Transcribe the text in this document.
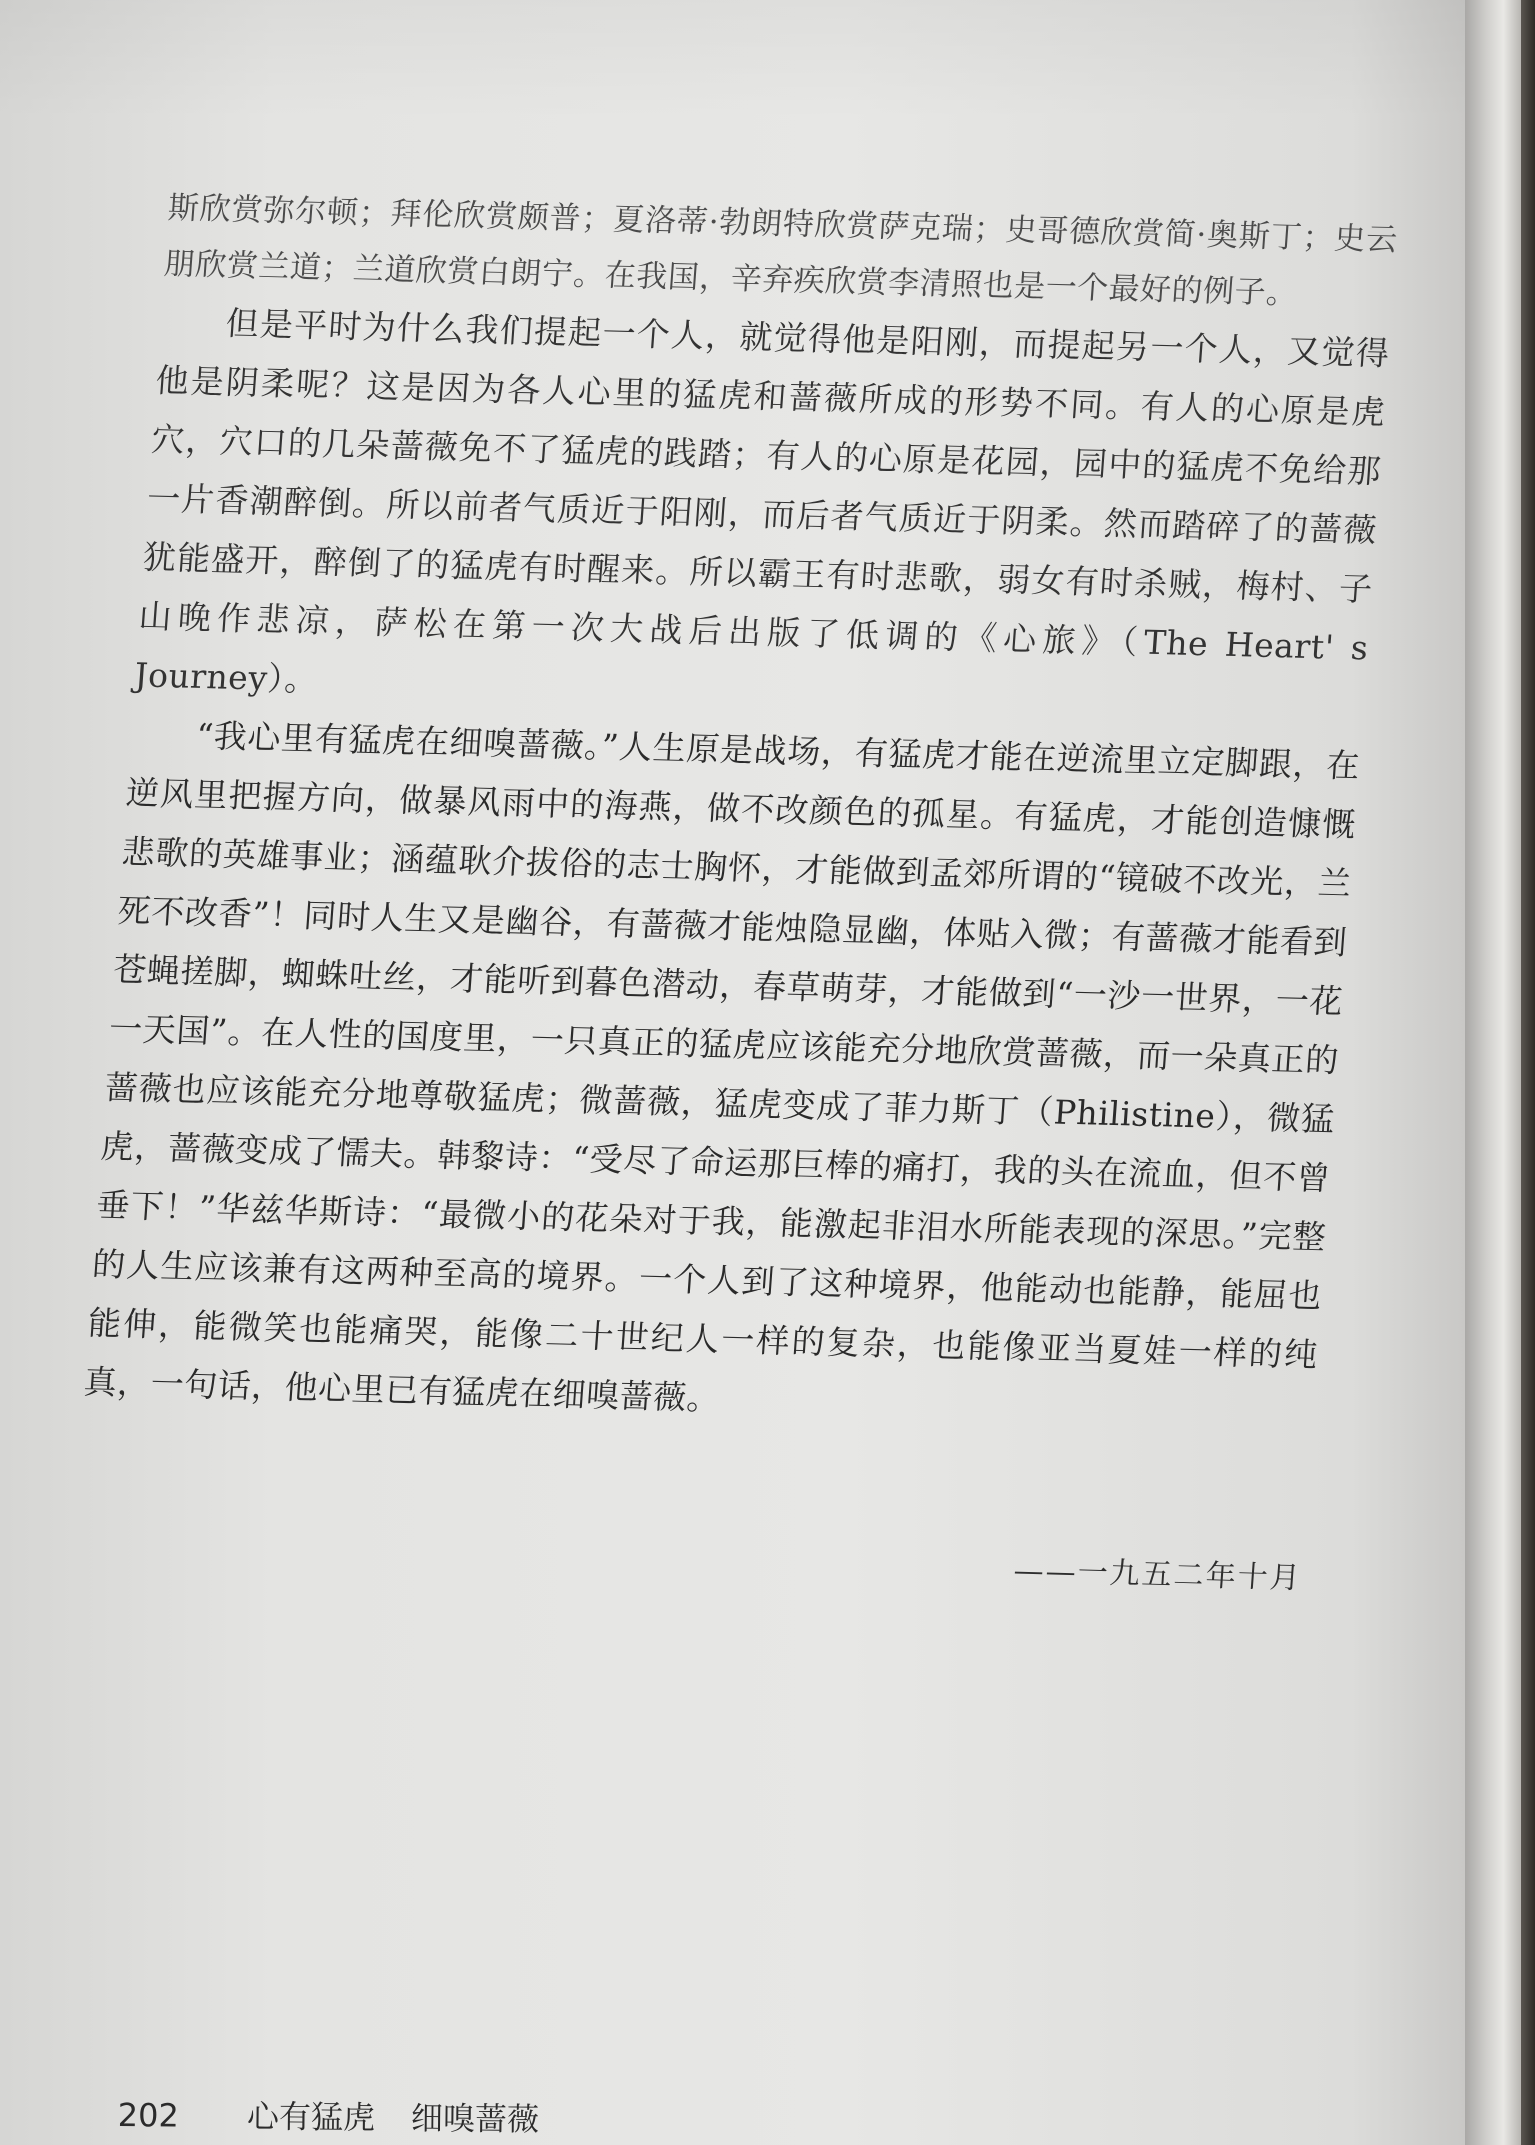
斯欣赏弥尔顿；拜伦欣赏颇普；夏洛蒂·勃朗特欣赏萨克瑞；史哥德欣赏简·奥斯丁；史云朋欣赏兰道；兰道欣赏白朗宁。在我国，辛弃疾欣赏李清照也是一个最好的例子。

但是平时为什么我们提起一个人，就觉得他是阳刚，而提起另一个人，又觉得他是阴柔呢？这是因为各人心里的猛虎和蔷薇所成的形势不同。有人的心原是虎穴，穴口的几朵蔷薇免不了猛虎的践踏；有人的心原是花园，园中的猛虎不免给那一片香潮醉倒。所以前者气质近于阳刚，而后者气质近于阴柔。然而踏碎了的蔷薇犹能盛开，醉倒了的猛虎有时醒来。所以霸王有时悲歌，弱女有时杀贼，梅村、子山晚作悲凉，萨松在第一次大战后出版了低调的《心旅》（The Heart' s Journey）。

“我心里有猛虎在细嗅蔷薇。”人生原是战场，有猛虎才能在逆流里立定脚跟，在逆风里把握方向，做暴风雨中的海燕，做不改颜色的孤星。有猛虎，才能创造慷慨悲歌的英雄事业；涵蕴耿介拔俗的志士胸怀，才能做到孟郊所谓的“镜破不改光，兰死不改香”！同时人生又是幽谷，有蔷薇才能烛隐显幽，体贴入微；有蔷薇才能看到苍蝇搓脚，蜘蛛吐丝，才能听到暮色潜动，春草萌芽，才能做到“一沙一世界，一花一天国”。在人性的国度里，一只真正的猛虎应该能充分地欣赏蔷薇，而一朵真正的蔷薇也应该能充分地尊敬猛虎；微蔷薇，猛虎变成了菲力斯丁（Philistine），微猛虎，蔷薇变成了懦夫。韩黎诗：“受尽了命运那巨棒的痛打，我的头在流血，但不曾垂下！”华兹华斯诗：“最微小的花朵对于我，能激起非泪水所能表现的深思。”完整的人生应该兼有这两种至高的境界。一个人到了这种境界，他能动也能静，能屈也能伸，能微笑也能痛哭，能像二十世纪人一样的复杂，也能像亚当夏娃一样的纯真，一句话，他心里已有猛虎在细嗅蔷薇。

——一九五二年十月

202 心有猛虎 细嗅蔷薇
